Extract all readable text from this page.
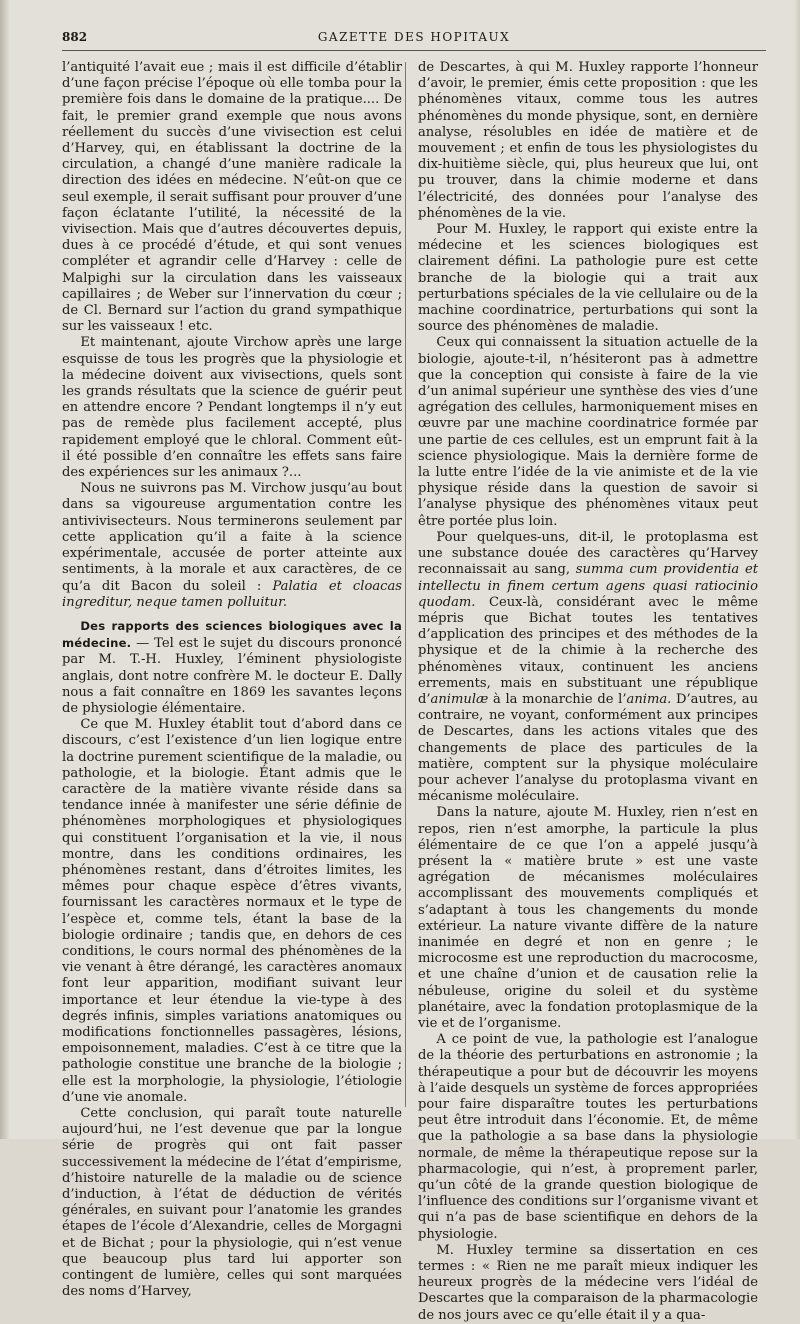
882	GAZETTE DES HOPITAUX

l’antiquité l’avait eue ; mais il est difficile d’établir d’une façon précise l’époque où elle tomba pour la première fois dans le domaine de la pratique.... De fait, le premier grand exemple que nous avons réellement du succès d’une vivisection est celui d’Harvey, qui, en établissant la doctrine de la circulation, a changé d’une manière radicale la direction des idées en médecine. N’eût-on que ce seul exemple, il serait suffisant pour prouver d’une façon éclatante l’utilité, la nécessité de la vivisection. Mais que d’autres découvertes depuis, dues à ce procédé d’étude, et qui sont venues compléter et agrandir celle d’Harvey : celle de Malpighi sur la circulation dans les vaisseaux capillaires ; de Weber sur l’innervation du cœur ; de Cl. Bernard sur l’action du grand sympathique sur les vaisseaux ! etc.

Et maintenant, ajoute Virchow après une large esquisse de tous les progrès que la physiologie et la médecine doivent aux vivisections, quels sont les grands résultats que la science de guérir peut en attendre encore ? Pendant longtemps il n’y eut pas de remède plus facilement accepté, plus rapidement employé que le chloral. Comment eût-il été possible d’en connaître les effets sans faire des expériences sur les animaux ?...

Nous ne suivrons pas M. Virchow jusqu’au bout dans sa vigoureuse argumentation contre les antivivisecteurs. Nous terminerons seulement par cette application qu’il a faite à la science expérimentale, accusée de porter atteinte aux sentiments, à la morale et aux caractères, de ce qu’a dit Bacon du soleil : Palatia et cloacas ingreditur, neque tamen polluitur.

Des rapports des sciences biologiques avec la médecine. — Tel est le sujet du discours prononcé par M. T.-H. Huxley, l’éminent physiologiste anglais, dont notre confrère M. le docteur E. Dally nous a fait connaître en 1869 les savantes leçons de physiologie élémentaire.

Ce que M. Huxley établit tout d’abord dans ce discours, c’est l’existence d’un lien logique entre la doctrine purement scientifique de la maladie, ou pathologie, et la biologie. Étant admis que le caractère de la matière vivante réside dans sa tendance innée à manifester une série définie de phénomènes morphologiques et physiologiques qui constituent l’organisation et la vie, il nous montre, dans les conditions ordinaires, les phénomènes restant, dans d’étroites limites, les mêmes pour chaque espèce d’êtres vivants, fournissant les caractères normaux et le type de l’espèce et, comme tels, étant la base de la biologie ordinaire ; tandis que, en dehors de ces conditions, le cours normal des phénomènes de la vie venant à être dérangé, les caractères anomaux font leur apparition, modifiant suivant leur importance et leur étendue la vie-type à des degrés infinis, simples variations anatomiques ou modifications fonctionnelles passagères, lésions, empoisonnement, maladies. C’est à ce titre que la pathologie constitue une branche de la biologie ; elle est la morphologie, la physiologie, l’étiologie d’une vie anomale.

Cette conclusion, qui paraît toute naturelle aujourd’hui, ne l’est devenue que par la longue série de progrès qui ont fait passer successivement la médecine de l’état d’empirisme, d’histoire naturelle de la maladie ou de science d’induction, à l’état de déduction de vérités générales, en suivant pour l’anatomie les grandes étapes de l’école d’Alexandrie, celles de Morgagni et de Bichat ; pour la physiologie, qui n’est venue que beaucoup plus tard lui apporter son contingent de lumière, celles qui sont marquées des noms d’Harvey,

de Descartes, à qui M. Huxley rapporte l’honneur d’avoir, le premier, émis cette proposition : que les phénomènes vitaux, comme tous les autres phénomènes du monde physique, sont, en dernière analyse, résolubles en idée de matière et de mouvement ; et enfin de tous les physiologistes du dix-huitième siècle, qui, plus heureux que lui, ont pu trouver, dans la chimie moderne et dans l’électricité, des données pour l’analyse des phénomènes de la vie.

Pour M. Huxley, le rapport qui existe entre la médecine et les sciences biologiques est clairement défini. La pathologie pure est cette branche de la biologie qui a trait aux perturbations spéciales de la vie cellulaire ou de la machine coordinatrice, perturbations qui sont la source des phénomènes de maladie.

Ceux qui connaissent la situation actuelle de la biologie, ajoute-t-il, n’hésiteront pas à admettre que la conception qui consiste à faire de la vie d’un animal supérieur une synthèse des vies d’une agrégation des cellules, harmoniquement mises en œuvre par une machine coordinatrice formée par une partie de ces cellules, est un emprunt fait à la science physiologique. Mais la dernière forme de la lutte entre l’idée de la vie animiste et de la vie physique réside dans la question de savoir si l’analyse physique des phénomènes vitaux peut être portée plus loin.

Pour quelques-uns, dit-il, le protoplasma est une substance douée des caractères qu’Harvey reconnaissait au sang, summa cum providentia et intellectu in finem certum agens quasi ratiocinio quodam. Ceux-là, considérant avec le même mépris que Bichat toutes les tentatives d’application des principes et des méthodes de la physique et de la chimie à la recherche des phénomènes vitaux, continuent les anciens errements, mais en substituant une république d’animulæ à la monarchie de l’anima. D’autres, au contraire, ne voyant, conformément aux principes de Descartes, dans les actions vitales que des changements de place des particules de la matière, comptent sur la physique moléculaire pour achever l’analyse du protoplasma vivant en mécanisme moléculaire.

Dans la nature, ajoute M. Huxley, rien n’est en repos, rien n’est amorphe, la particule la plus élémentaire de ce que l’on a appelé jusqu’à présent la « matière brute » est une vaste agrégation de mécanismes moléculaires accomplissant des mouvements compliqués et s’adaptant à tous les changements du monde extérieur. La nature vivante diffère de la nature inanimée en degré et non en genre ; le microcosme est une reproduction du macrocosme, et une chaîne d’union et de causation relie la nébuleuse, origine du soleil et du système planétaire, avec la fondation protoplasmique de la vie et de l’organisme.

A ce point de vue, la pathologie est l’analogue de la théorie des perturbations en astronomie ; la thérapeutique a pour but de découvrir les moyens à l’aide desquels un système de forces appropriées pour faire disparaître toutes les perturbations peut être introduit dans l’économie. Et, de même que la pathologie a sa base dans la physiologie normale, de même la thérapeutique repose sur la pharmacologie, qui n’est, à proprement parler, qu’un côté de la grande question biologique de l’influence des conditions sur l’organisme vivant et qui n’a pas de base scientifique en dehors de la physiologie.

M. Huxley termine sa dissertation en ces termes : « Rien ne me paraît mieux indiquer les heureux progrès de la médecine vers l’idéal de Descartes que la comparaison de la pharmacologie de nos jours avec ce qu’elle était il y a qua-
